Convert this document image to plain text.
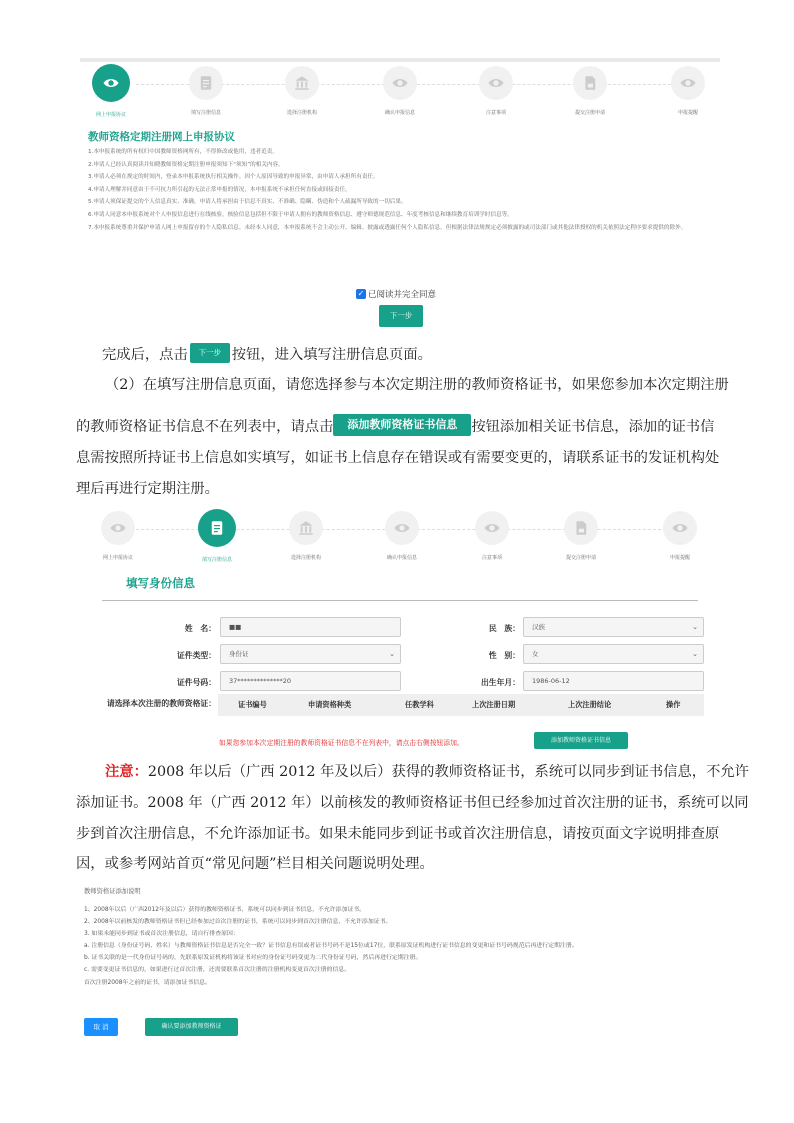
网上申报协议	填写注册信息	选择注册机构	确认申报信息	注意事项	提交注册申请	申报提醒
教师资格定期注册网上申报协议

1.本申报系统的所有权归中国教师资格网所有，不得修改或他用，违者追责。

2.申请人已经认真阅读并知晓教师资格定期注册申报须知下“须知”的相关内容。

3.申请人必须在规定的时间内，登录本申报系统执行相关操作。因个人原因导致的申报异常，由申请人承担所有责任。

4.申请人理解并同意由于不可抗力所引起的无法正常申报的情况，本申报系统不承担任何直接或间接责任。

5.申请人须保证提交的个人信息真实、准确，申请人将承担由于信息不真实、不准确、隐瞒、伪造和个人疏漏所导致的一切后果。

6.申请人同意本申报系统对个人申报信息进行在线核验。核验信息包括但不限于申请人拥有的教师资格信息、遵守师德规范信息、年度考核信息和继续教育培训学时信息等。

7.本申报系统尊重并保护申请人网上申报留存的个人隐私信息。未经本人同意，本申报系统不会主动公开、编辑、披露或透露任何个人隐私信息，但根据法律法规规定必须披露的或司法部门或其他法律授权的机关依照法定程序要求提供的除外。

✓ 已阅读并完全同意
下一步
完成后，点击 下一步 按钮，进入填写注册信息页面。
（2）在填写注册信息页面，请您选择参与本次定期注册的教师资格证书，如果您参加本次定期注册
的教师资格证书信息不在列表中，请点击 添加教师资格证书信息 按钮添加相关证书信息，添加的证书信
息需按照所持证书上信息如实填写，如证书上信息存在错误或有需要变更的，请联系证书的发证机构处
理后再进行定期注册。
网上申报协议	填写注册信息	选择注册机构	确认申报信息	注意事项	提交注册申请	申报提醒
填写身份信息
姓　名：	■■	民　族：	汉族	⌄
证件类型：	身份证	⌄	性　别：	女	⌄
证件号码：	37**************20	出生年月：	1986-06-12
请选择本次注册的教师资格证：	证书编号	申请资格种类	任教学科	上次注册日期	上次注册结论	操作
如果您参加本次定期注册的教师资格证书信息不在列表中，请点击右侧按钮添加。	添加教师资格证书信息
注意：2008 年以后（广西 2012 年及以后）获得的教师资格证书，系统可以同步到证书信息，不允许
添加证书。2008 年（广西 2012 年）以前核发的教师资格证书但已经参加过首次注册的证书，系统可以同
步到首次注册信息，不允许添加证书。如果未能同步到证书或首次注册信息，请按页面文字说明排查原
因，或参考网站首页“常见问题”栏目相关问题说明处理。
教师资格证添加说明

1、2008年以后（广西2012年及以后）获得的教师资格证书，系统可以同步到证书信息，不允许添加证书。

2、2008年以前核发的教师资格证书但已经参加过首次注册的证书，系统可以同步到首次注册信息，不允许添加证书。

3. 如果未能同步到证书或首次注册信息，请自行排查原因：

a. 注册信息（身份证号码、姓名）与教师资格证书信息是否完全一致？证书信息有误或者证书号码不是15位或17位，联系原发证机构进行证书信息的变更和证书号码规范后再进行定期注册。

b. 证书关联的是一代身份证号码的，先联系原发证机构将该证书对应的身份证号码变更为二代身份证号码，然后再进行定期注册。

c. 需要变更证书信息的，如果进行过首次注册，还需要联系首次注册的注册机构变更首次注册的信息。

首次注册2008年之前的证书，请添加证书信息。

取 消	确认要添加教师资格证
